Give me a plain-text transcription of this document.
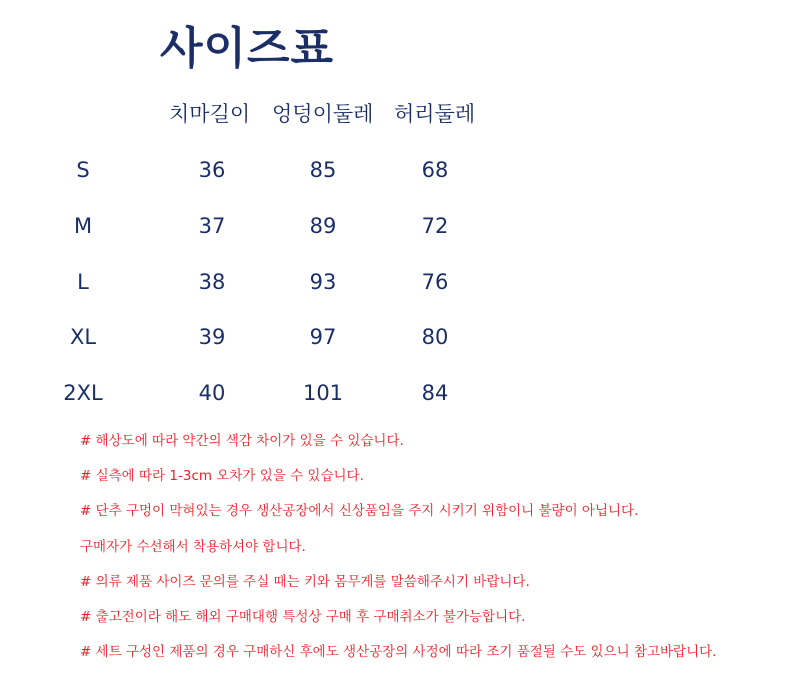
사이즈표
치마길이 엉덩이둘레 허리둘레
S	36	85	68
M	37	89	72
L	38	93	76
XL	39	97	80
2XL	40	101	84
# 해상도에 따라 약간의 색감 차이가 있을 수 있습니다.
# 실측에 따라 1-3cm 오차가 있을 수 있습니다.
# 단추 구멍이 막혀있는 경우 생산공장에서 신상품임을 주지 시키기 위함이니 불량이 아닙니다.
구매자가 수선해서 착용하셔야 합니다.
# 의류 제품 사이즈 문의를 주실 때는 키와 몸무게를 말씀해주시기 바랍니다.
# 출고전이라 해도 해외 구매대행 특성상 구매 후 구매취소가 불가능합니다.
# 세트 구성인 제품의 경우 구매하신 후에도 생산공장의 사정에 따라 조기 품절될 수도 있으니 참고바랍니다.
